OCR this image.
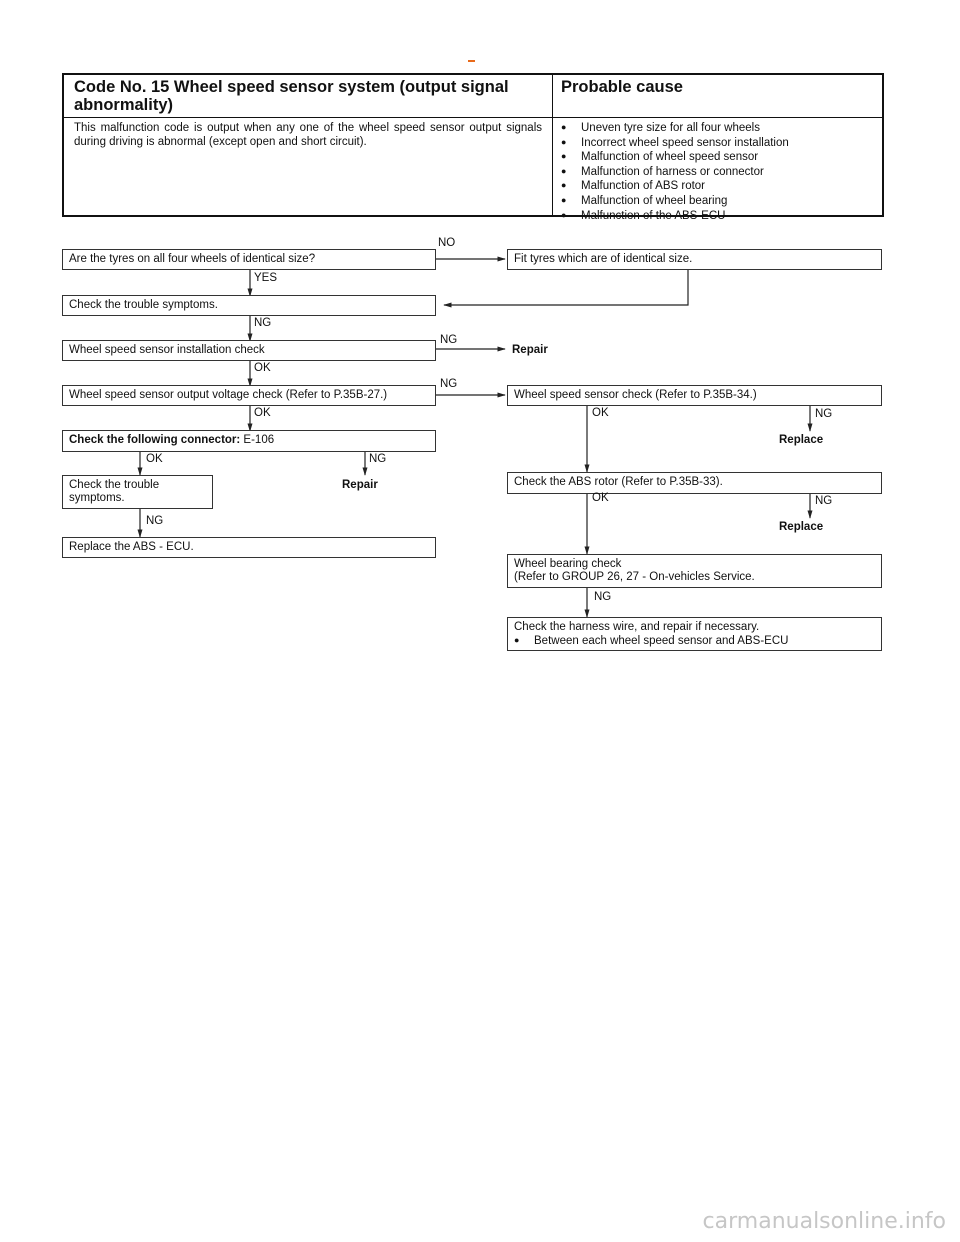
Code No. 15 Wheel speed sensor system (output signal abnormality)
Probable cause
This malfunction code is output when any one of the wheel speed sensor output signals during driving is abnormal (except open and short circuit).
● Uneven tyre size for all four wheels
● Incorrect wheel speed sensor installation
● Malfunction of wheel speed sensor
● Malfunction of harness or connector
● Malfunction of ABS rotor
● Malfunction of wheel bearing
● Malfunction of the ABS-ECU
Are the tyres on all four wheels of identical size?	Fit tyres which are of identical size.
Check the trouble symptoms.
Wheel speed sensor installation check
Wheel speed sensor output voltage check (Refer to P.35B-27.)	Wheel speed sensor check (Refer to P.35B-34.)
Check the following connector: E-106
Check the trouble
symptoms.
Replace the ABS - ECU.
Check the ABS rotor (Refer to P.35B-33).
Wheel bearing check
(Refer to GROUP 26, 27 - On-vehicles Service.
Check the harness wire, and repair if necessary.
● Between each wheel speed sensor and ABS-ECU
NO
YES
NG
NG
Repair
OK
NG
OK	OK	NG
Replace
OK	NG
Repair
OK	NG
Replace
NG
NG
carmanualsonline.info
